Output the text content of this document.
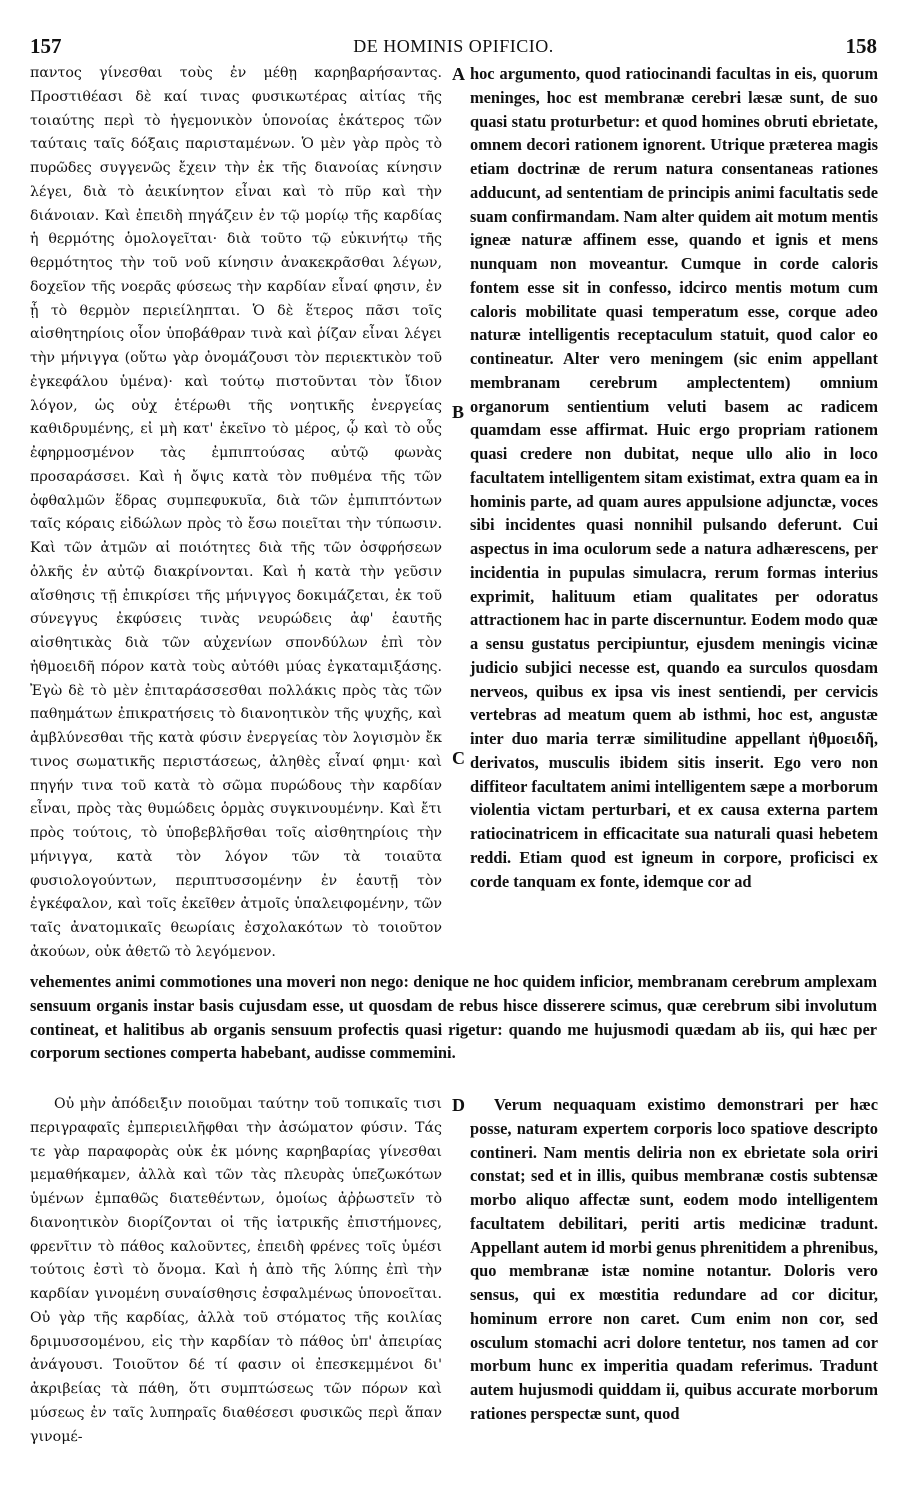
157	DE HOMINIS OPIFICIO.	158

παντος γίνεσθαι τοὺς ἐν μέθῃ καρηβαρήσαντας. Προστιθέασι δὲ καί τινας φυσικωτέρας αἰτίας τῆς τοιαύτης περὶ τὸ ἡγεμονικὸν ὑπονοίας ἑκάτερος τῶν ταύταις ταῖς δόξαις παρισταμένων. Ὁ μὲν γὰρ πρὸς τὸ πυρῶδες συγγενῶς ἔχειν τὴν ἐκ τῆς διανοίας κίνησιν λέγει, διὰ τὸ ἀεικίνητον εἶναι καὶ τὸ πῦρ καὶ τὴν διάνοιαν. Καὶ ἐπειδὴ πηγάζειν ἐν τῷ μορίῳ τῆς καρδίας ἡ θερμότης ὁμολογεῖται· διὰ τοῦτο τῷ εὐκινήτῳ τῆς θερμότητος τὴν τοῦ νοῦ κίνησιν ἀνακεκρᾶσθαι λέγων, δοχεῖον τῆς νοερᾶς φύσεως τὴν καρδίαν εἶναί φησιν, ἐν ᾗ τὸ θερμὸν περιείληπται. Ὁ δὲ ἕτερος πᾶσι τοῖς αἰσθητηρίοις οἷον ὑποβάθραν τινὰ καὶ ῥίζαν εἶναι λέγει τὴν μήνιγγα (οὕτω γὰρ ὀνομάζουσι τὸν περιεκτικὸν τοῦ ἐγκεφάλου ὑμένα)· καὶ τούτῳ πιστοῦνται τὸν ἴδιον λόγον, ὡς οὐχ ἑτέρωθι τῆς νοητικῆς ἐνεργείας καθιδρυμένης, εἰ μὴ κατ' ἐκεῖνο τὸ μέρος, ᾧ καὶ τὸ οὖς ἐφηρμοσμένον τὰς ἐμπιπτούσας αὐτῷ φωνὰς προσαράσσει. Καὶ ἡ ὄψις κατὰ τὸν πυθμένα τῆς τῶν ὀφθαλμῶν ἕδρας συμπεφυκυῖα, διὰ τῶν ἐμπιπτόντων ταῖς κόραις εἰδώλων πρὸς τὸ ἔσω ποιεῖται τὴν τύπωσιν. Καὶ τῶν ἀτμῶν αἱ ποιότητες διὰ τῆς τῶν ὀσφρήσεων ὁλκῆς ἐν αὐτῷ διακρίνονται. Καὶ ἡ κατὰ τὴν γεῦσιν αἴσθησις τῇ ἐπικρίσει τῆς μήνιγγος δοκιμάζεται, ἐκ τοῦ σύνεγγυς ἐκφύσεις τινὰς νευρώδεις ἀφ' ἑαυτῆς αἰσθητικὰς διὰ τῶν αὐχενίων σπονδύλων ἐπὶ τὸν ἠθμοειδῆ πόρον κατὰ τοὺς αὐτόθι μύας ἐγκαταμιξάσης. Ἐγὼ δὲ τὸ μὲν ἐπιταράσσεσθαι πολλάκις πρὸς τὰς τῶν παθημάτων ἐπικρατήσεις τὸ διανοητικὸν τῆς ψυχῆς, καὶ ἀμβλύνεσθαι τῆς κατὰ φύσιν ἐνεργείας τὸν λογισμὸν ἔκ τινος σωματικῆς περιστάσεως, ἀληθὲς εἶναί φημι· καὶ πηγήν τινα τοῦ κατὰ τὸ σῶμα πυρώδους τὴν καρδίαν εἶναι, πρὸς τὰς θυμώδεις ὁρμὰς συγκινουμένην. Καὶ ἔτι πρὸς τούτοις, τὸ ὑποβεβλῆσθαι τοῖς αἰσθητηρίοις τὴν μήνιγγα, κατὰ τὸν λόγον τῶν τὰ τοιαῦτα φυσιολογούντων, περιπτυσσομένην ἐν ἑαυτῇ τὸν ἐγκέφαλον, καὶ τοῖς ἐκεῖθεν ἀτμοῖς ὑπαλειφομένην, τῶν ταῖς ἀνατομικαῖς θεωρίαις ἐσχολακότων τὸ τοιοῦτον ἀκούων, οὐκ ἀθετῶ τὸ λεγόμενον.

A
B
C

hoc argumento, quod ratiocinandi facultas in eis, quorum meninges, hoc est membranæ cerebri læsæ sunt, de suo quasi statu proturbetur: et quod homines obruti ebrietate, omnem decori rationem ignorent. Utrique præterea magis etiam doctrinæ de rerum natura consentaneas rationes adducunt, ad sententiam de principis animi facultatis sede suam confirmandam. Nam alter quidem ait motum mentis igneæ naturæ affinem esse, quando et ignis et mens nunquam non moveantur. Cumque in corde caloris fontem esse sit in confesso, idcirco mentis motum cum caloris mobilitate quasi temperatum esse, corque adeo naturæ intelligentis receptaculum statuit, quod calor eo contineatur. Alter vero meningem (sic enim appellant membranam cerebrum amplectentem) omnium organorum sentientium veluti basem ac radicem quamdam esse affirmat. Huic ergo propriam rationem quasi credere non dubitat, neque ullo alio in loco facultatem intelligentem sitam existimat, extra quam ea in hominis parte, ad quam aures appulsione adjunctæ, voces sibi incidentes quasi nonnihil pulsando deferunt. Cui aspectus in ima oculorum sede a natura adhærescens, per incidentia in pupulas simulacra, rerum formas interius exprimit, halituum etiam qualitates per odoratus attractionem hac in parte discernuntur. Eodem modo quæ a sensu gustatus percipiuntur, ejusdem meningis vicinæ judicio subjici necesse est, quando ea surculos quosdam nerveos, quibus ex ipsa vis inest sentiendi, per cervicis vertebras ad meatum quem ab isthmi, hoc est, angustæ inter duo maria terræ similitudine appellant ἠθμοειδῆ, derivatos, musculis ibidem sitis inserit. Ego vero non diffiteor facultatem animi intelligentem sæpe a morborum violentia victam perturbari, et ex causa externa partem ratiocinatricem in efficacitate sua naturali quasi hebetem reddi. Etiam quod est igneum in corpore, proficisci ex corde tanquam ex fonte, idemque cor ad

vehementes animi commotiones una moveri non nego: denique ne hoc quidem inficior, membranam cerebrum amplexam sensuum organis instar basis cujusdam esse, ut quosdam de rebus hisce disserere scimus, quæ cerebrum sibi involutum contineat, et halitibus ab organis sensuum profectis quasi rigetur: quando me hujusmodi quædam ab iis, qui hæc per corporum sectiones comperta habebant, audisse commemini.

Οὐ μὴν ἀπόδειξιν ποιοῦμαι ταύτην τοῦ τοπικαῖς τισι περιγραφαῖς ἐμπεριειλῆφθαι τὴν ἀσώματον φύσιν. Τάς τε γὰρ παραφορὰς οὐκ ἐκ μόνης καρηβαρίας γίνεσθαι μεμαθήκαμεν, ἀλλὰ καὶ τῶν τὰς πλευρὰς ὑπεζωκότων ὑμένων ἐμπαθῶς διατεθέντων, ὁμοίως ἀῤῥωστεῖν τὸ διανοητικὸν διορίζονται οἱ τῆς ἰατρικῆς ἐπιστήμονες, φρενῖτιν τὸ πάθος καλοῦντες, ἐπειδὴ φρένες τοῖς ὑμέσι τούτοις ἐστὶ τὸ ὄνομα. Καὶ ἡ ἀπὸ τῆς λύπης ἐπὶ τὴν καρδίαν γινομένη συναίσθησις ἐσφαλμένως ὑπονοεῖται. Οὐ γὰρ τῆς καρδίας, ἀλλὰ τοῦ στόματος τῆς κοιλίας δριμυσσομένου, εἰς τὴν καρδίαν τὸ πάθος ὑπ' ἀπειρίας ἀνάγουσι. Τοιοῦτον δέ τί φασιν οἱ ἐπεσκεμμένοι δι' ἀκριβείας τὰ πάθη, ὅτι συμπτώσεως τῶν πόρων καὶ μύσεως ἐν ταῖς λυπηραῖς διαθέσεσι φυσικῶς περὶ ἅπαν γινομέ-

D	Verum nequaquam existimo demonstrari per hæc posse, naturam expertem corporis loco spatiove descripto contineri. Nam mentis deliria non ex ebrietate sola oriri constat; sed et in illis, quibus membranæ costis subtensæ morbo aliquo affectæ sunt, eodem modo intelligentem facultatem debilitari, periti artis medicinæ tradunt. Appellant autem id morbi genus phrenitidem a phrenibus, quo membranæ istæ nomine notantur. Doloris vero sensus, qui ex mœstitia redundare ad cor dicitur, hominum errore non caret. Cum enim non cor, sed osculum stomachi acri dolore tentetur, nos tamen ad cor morbum hunc ex imperitia quadam referimus. Tradunt autem hujusmodi quiddam ii, quibus accurate morborum rationes perspectæ sunt, quod
